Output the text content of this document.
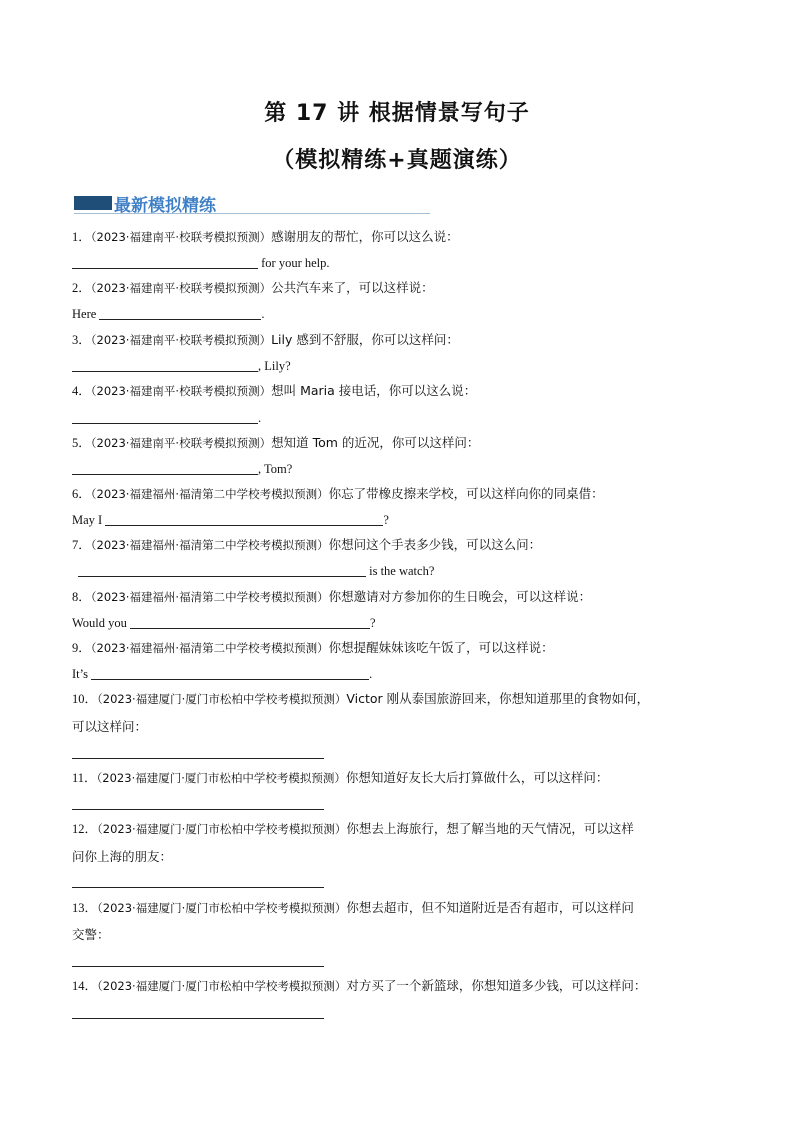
第 17 讲 根据情景写句子
（模拟精练+真题演练）
最新模拟精练
1．（2023·福建南平·校联考模拟预测）感谢朋友的帮忙，你可以这么说：
for your help.
2．（2023·福建南平·校联考模拟预测）公共汽车来了，可以这样说：
Here	.
3．（2023·福建南平·校联考模拟预测）Lily 感到不舒服，你可以这样问：
, Lily?
4．（2023·福建南平·校联考模拟预测）想叫 Maria 接电话，你可以这么说：
.
5．（2023·福建南平·校联考模拟预测）想知道 Tom 的近况，你可以这样问：
, Tom?
6．（2023·福建福州·福清第二中学校考模拟预测）你忘了带橡皮擦来学校，可以这样向你的同桌借：
May I	?
7．（2023·福建福州·福清第二中学校考模拟预测）你想问这个手表多少钱，可以这么问：
is the watch?
8．（2023·福建福州·福清第二中学校考模拟预测）你想邀请对方参加你的生日晚会，可以这样说：
Would you	?
9．（2023·福建福州·福清第二中学校考模拟预测）你想提醒妹妹该吃午饭了，可以这样说：
It’s	.
10．（2023·福建厦门·厦门市松柏中学校考模拟预测）Victor 刚从泰国旅游回来，你想知道那里的食物如何，
可以这样问：
11．（2023·福建厦门·厦门市松柏中学校考模拟预测）你想知道好友长大后打算做什么，可以这样问：
12．（2023·福建厦门·厦门市松柏中学校考模拟预测）你想去上海旅行，想了解当地的天气情况，可以这样
问你上海的朋友：
13．（2023·福建厦门·厦门市松柏中学校考模拟预测）你想去超市，但不知道附近是否有超市，可以这样问
交警：
14．（2023·福建厦门·厦门市松柏中学校考模拟预测）对方买了一个新篮球，你想知道多少钱，可以这样问：
